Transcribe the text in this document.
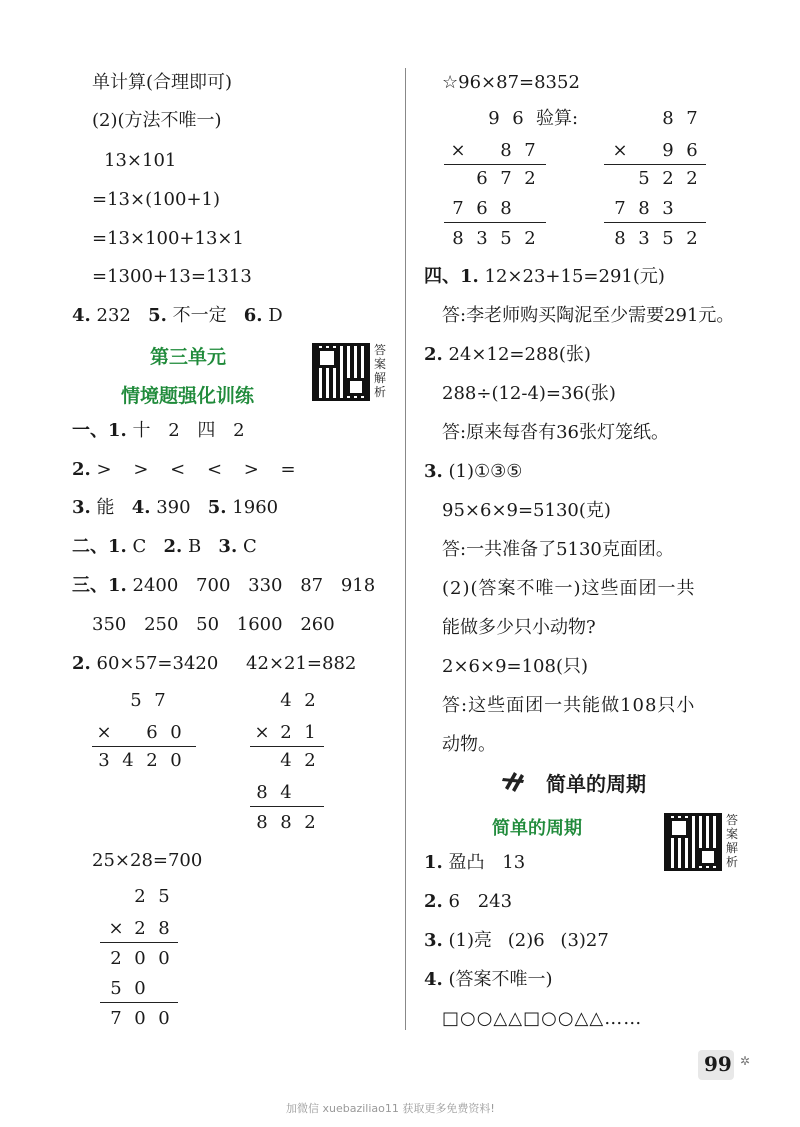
单计算(合理即可)
(2)(方法不唯一)
13×101
=13×(100+1)
=13×100+13×1
=1300+13=1313
4. 232 5. 不一定 6. D
第三单元
情境题强化训练
答案解析
一、1. 十 2 四 2
2. > > < < > =
3. 能 4. 390 5. 1960
二、1. C 2. B 3. C
三、1. 2400 700 330 87 918
350 250 50 1600 260
2. 60×57=3420 42×21=882
5 7
× 6 0
3 4 2 0
4 2
× 2 1
4 2
8 4
8 8 2
25×28=700
2 5
× 2 8
2 0 0
5 0
7 0 0
☆96×87=8352
9 6 验算:
× 8 7
6 7 2
7 6 8
8 3 5 2
8 7
× 9 6
5 2 2
7 8 3
8 3 5 2
四、1. 12×23+15=291(元)
答:李老师购买陶泥至少需要291元。
2. 24×12=288(张)
288÷(12-4)=36(张)
答:原来每沓有36张灯笼纸。
3. (1)①③⑤
95×6×9=5130(克)
答:一共准备了5130克面团。
(2)(答案不唯一)这些面团一共
能做多少只小动物?
2×6×9=108(只)
答:这些面团一共能做108只小
动物。
简单的周期
简单的周期	答案解析
1. 盈凸 13
2. 6 243
3. (1)亮 (2)6 (3)27
4. (答案不唯一)
□○○△△□○○△△……
99 ✲
加微信 xuebaziliao11 获取更多免费资料!
